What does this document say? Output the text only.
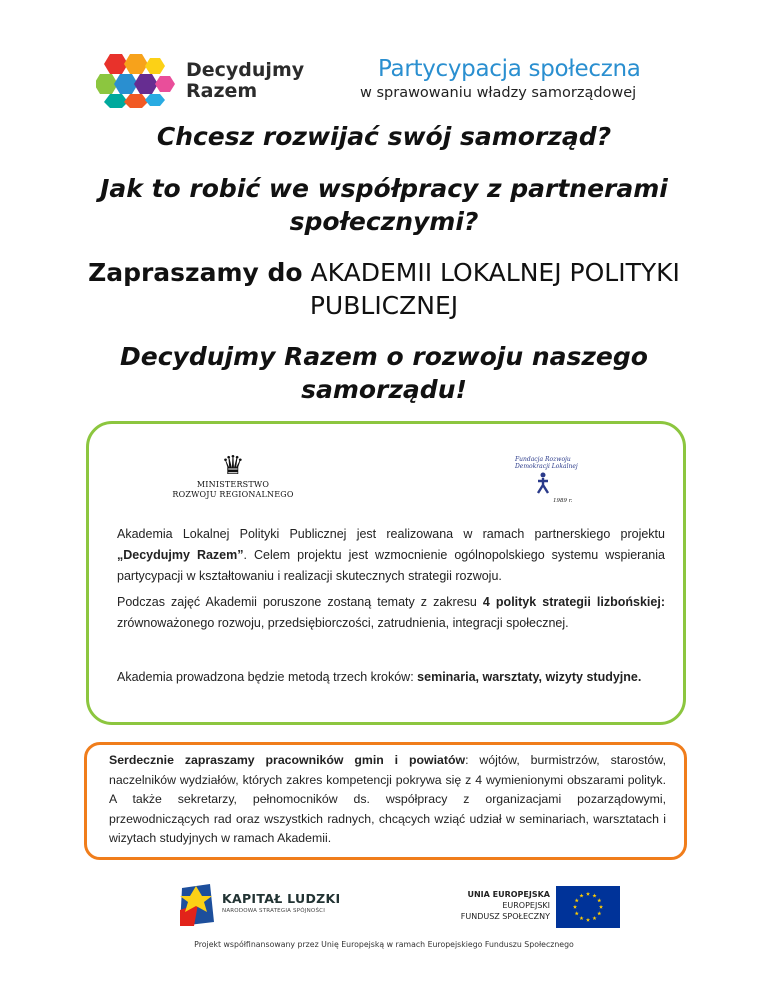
Decydujmy
Razem
Partycypacja społeczna
w sprawowaniu władzy samorządowej
Chcesz rozwijać swój samorząd?
Jak to robić we współpracy z partnerami społecznymi?
Zapraszamy do AKADEMII LOKALNEJ POLITYKI PUBLICZNEJ
Decydujmy Razem o rozwoju naszego samorządu!
♛
MINISTERSTWO
ROZWOJU REGIONALNEGO
Fundacja Rozwoju
Demokracji Lokalnej
1989 r.

Akademia Lokalnej Polityki Publicznej jest realizowana w ramach partnerskiego projektu „Decydujmy Razem”. Celem projektu jest wzmocnienie ogólnopolskiego systemu wspierania partycypacji w kształtowaniu i realizacji skutecznych strategii rozwoju.

Podczas zajęć Akademii poruszone zostaną tematy z zakresu 4 polityk strategii lizbońskiej: zrównoważonego rozwoju, przedsiębiorczości, zatrudnienia, integracji społecznej.

Akademia prowadzona będzie metodą trzech kroków: seminaria, warsztaty, wizyty studyjne.

Serdecznie zapraszamy pracowników gmin i powiatów: wójtów, burmistrzów, starostów, naczelników wydziałów, których zakres kompetencji pokrywa się z 4 wymienionymi obszarami polityk. A także sekretarzy, pełnomocników ds. współpracy z organizacjami pozarządowymi, przewodniczących rad oraz wszystkich radnych, chcących wziąć udział w seminariach, warsztatach i wizytach studyjnych w ramach Akademii.

KAPITAŁ LUDZKI
NARODOWA STRATEGIA SPÓJNOŚCI
UNIA EUROPEJSKA
EUROPEJSKI
FUNDUSZ SPOŁECZNY
Projekt współfinansowany przez Unię Europejską w ramach Europejskiego Funduszu Społecznego
